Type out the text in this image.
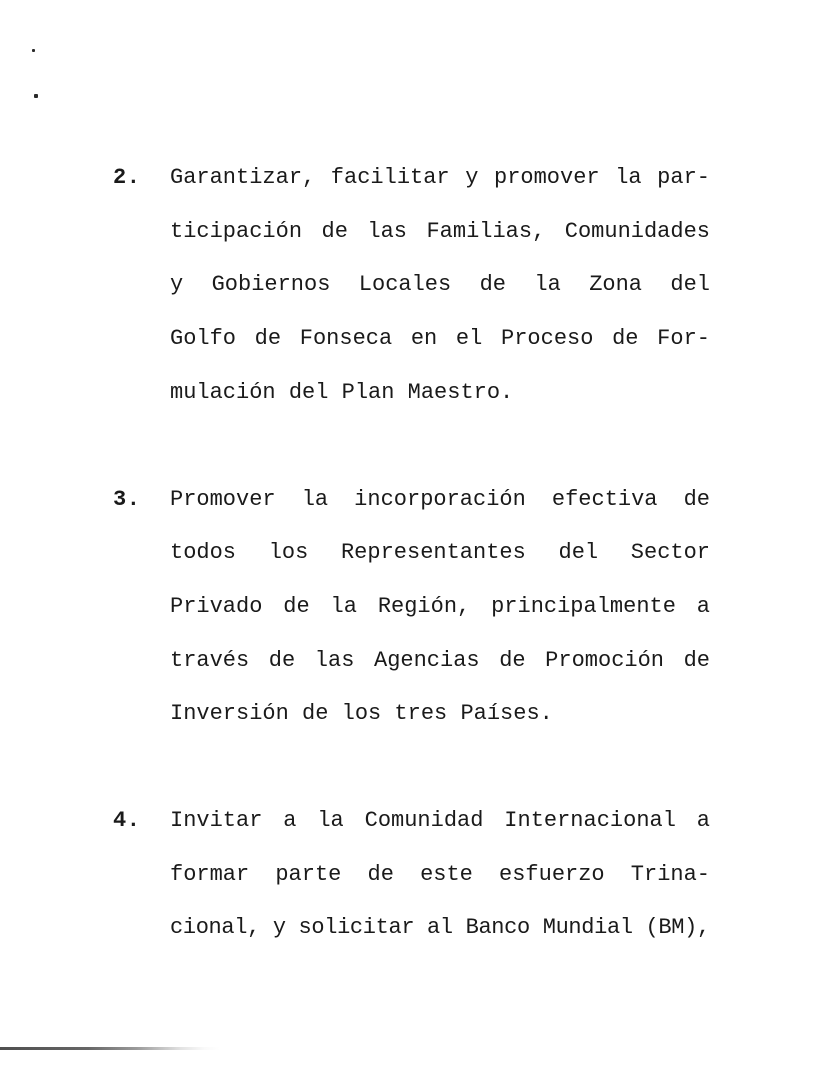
2.	Garantizar, facilitar y promover la par-
ticipación de las Familias, Comunidades
y Gobiernos Locales de la Zona del
Golfo de Fonseca en el Proceso de For-
mulación del Plan Maestro.
3.	Promover la incorporación efectiva de
todos los Representantes del Sector
Privado de la Región, principalmente a
través de las Agencias de Promoción de
Inversión de los tres Países.
4.	Invitar a la Comunidad Internacional a
formar parte de este esfuerzo Trina-
cional, y solicitar al Banco Mundial (BM),
